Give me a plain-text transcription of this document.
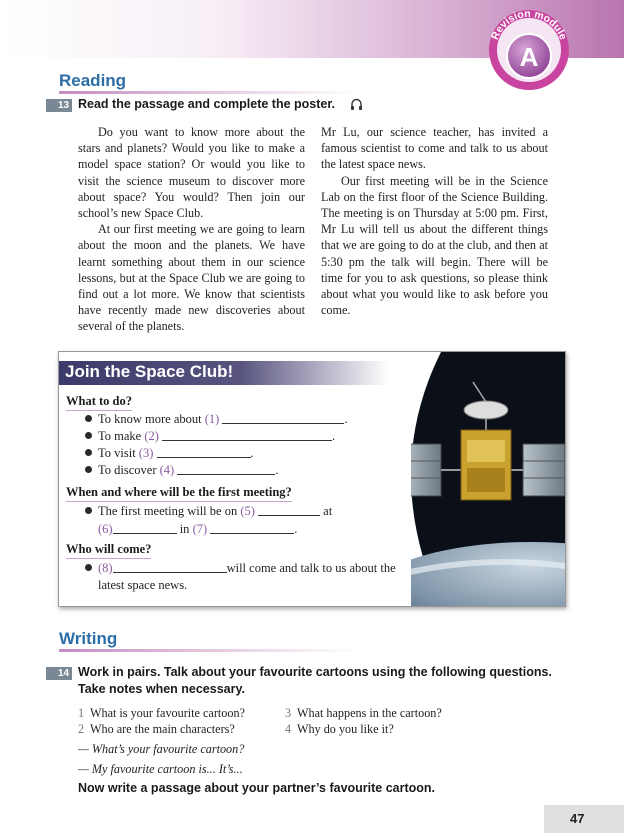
Revision module
A
Reading
13 Read the passage and complete the poster.

Do you want to know more about the stars and planets? Would you like to make a model space station? Or would you like to visit the science museum to discover more about space? You would? Then join our school’s new Space Club.

At our first meeting we are going to learn about the moon and the planets. We have learnt something about them in our science lessons, but at the Space Club we are going to find out a lot more. We know that scientists have recently made new discoveries about several of the planets.

Mr Lu, our science teacher, has invited a famous scientist to come and talk to us about the latest space news.

Our first meeting will be in the Science Lab on the first floor of the Science Building. The meeting is on Thursday at 5:00 pm. First, Mr Lu will tell us about the different things that we are going to do at the club, and then at 5:30 pm the talk will begin. There will be time for you to ask questions, so please think about what you would like to ask before you come.

Join the Space Club!
What to do?
To know more about (1)	.
To make (2)	.
To visit (3)	.
To discover (4)	.
When and where will be the first meeting?
The first meeting will be on (5)	at
(6)	in (7)	.
Who will come?
(8)	will come and talk to us about the
latest space news.
Writing
14 Work in pairs. Talk about your favourite cartoons using the following questions.
Take notes when necessary.
1 What is your favourite cartoon?
2 Who are the main characters?
3 What happens in the cartoon?
4 Why do you like it?
— What’s your favourite cartoon?
— My favourite cartoon is... It’s...
Now write a passage about your partner’s favourite cartoon.
47
